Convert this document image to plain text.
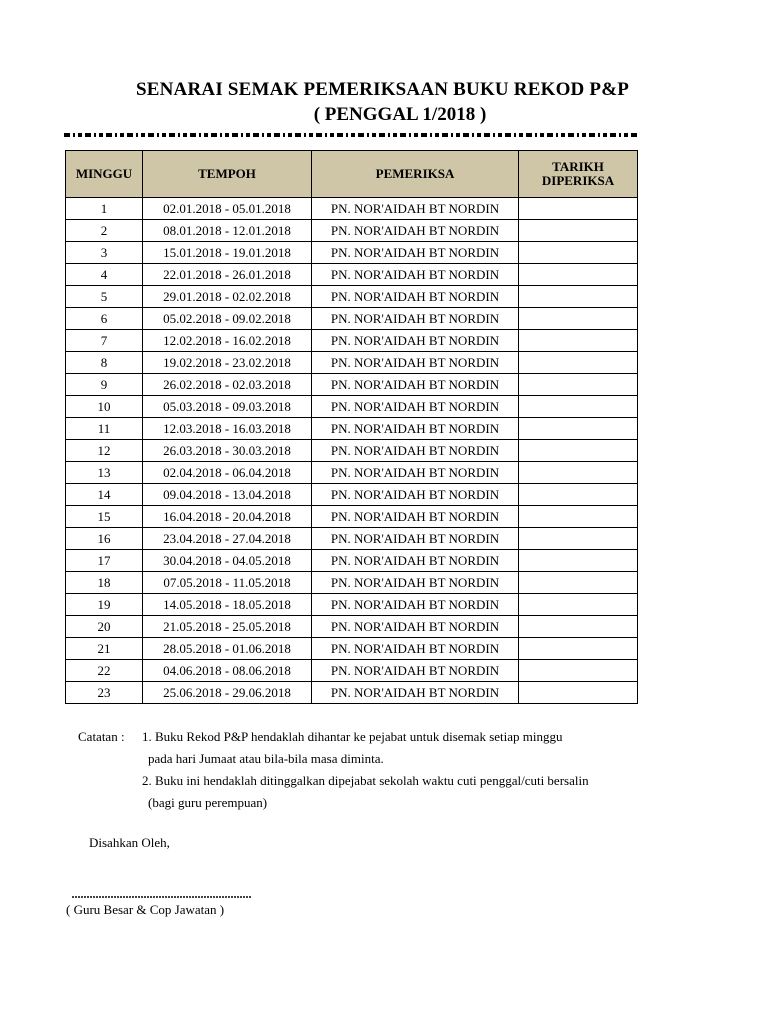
SENARAI SEMAK PEMERIKSAAN BUKU REKOD P&P
( PENGGAL 1/2018 )
MINGGU	TEMPOH	PEMERIKSA	TARIKH
DIPERIKSA
1	02.01.2018 - 05.01.2018	PN. NOR'AIDAH BT NORDIN	
2	08.01.2018 - 12.01.2018	PN. NOR'AIDAH BT NORDIN	
3	15.01.2018 - 19.01.2018	PN. NOR'AIDAH BT NORDIN	
4	22.01.2018 - 26.01.2018	PN. NOR'AIDAH BT NORDIN	
5	29.01.2018 - 02.02.2018	PN. NOR'AIDAH BT NORDIN	
6	05.02.2018 - 09.02.2018	PN. NOR'AIDAH BT NORDIN	
7	12.02.2018 - 16.02.2018	PN. NOR'AIDAH BT NORDIN	
8	19.02.2018 - 23.02.2018	PN. NOR'AIDAH BT NORDIN	
9	26.02.2018 - 02.03.2018	PN. NOR'AIDAH BT NORDIN	
10	05.03.2018 - 09.03.2018	PN. NOR'AIDAH BT NORDIN	
11	12.03.2018 - 16.03.2018	PN. NOR'AIDAH BT NORDIN	
12	26.03.2018 - 30.03.2018	PN. NOR'AIDAH BT NORDIN	
13	02.04.2018 - 06.04.2018	PN. NOR'AIDAH BT NORDIN	
14	09.04.2018 - 13.04.2018	PN. NOR'AIDAH BT NORDIN	
15	16.04.2018 - 20.04.2018	PN. NOR'AIDAH BT NORDIN	
16	23.04.2018 - 27.04.2018	PN. NOR'AIDAH BT NORDIN	
17	30.04.2018 - 04.05.2018	PN. NOR'AIDAH BT NORDIN	
18	07.05.2018 - 11.05.2018	PN. NOR'AIDAH BT NORDIN	
19	14.05.2018 - 18.05.2018	PN. NOR'AIDAH BT NORDIN	
20	21.05.2018 - 25.05.2018	PN. NOR'AIDAH BT NORDIN	
21	28.05.2018 - 01.06.2018	PN. NOR'AIDAH BT NORDIN	
22	04.06.2018 - 08.06.2018	PN. NOR'AIDAH BT NORDIN	
23	25.06.2018 - 29.06.2018	PN. NOR'AIDAH BT NORDIN	
Catatan : 1. Buku Rekod P&P hendaklah dihantar ke pejabat untuk disemak setiap minggu
pada hari Jumaat atau bila-bila masa diminta.
2. Buku ini hendaklah ditinggalkan dipejabat sekolah waktu cuti penggal/cuti bersalin
(bagi guru perempuan)
Disahkan Oleh,
( Guru Besar & Cop Jawatan )
